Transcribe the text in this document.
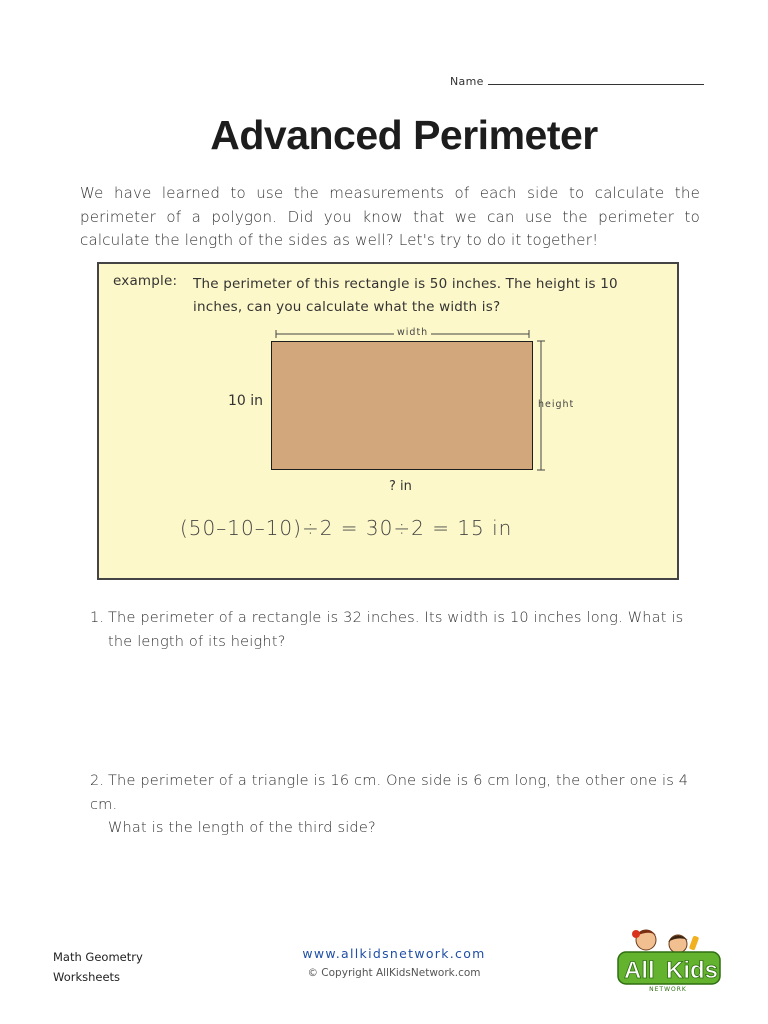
Name
Advanced Perimeter
We have learned to use the measurements of each side to calculate the perimeter of a polygon. Did you know that we can use the perimeter to calculate the length of the sides as well? Let's try to do it together!
example: The perimeter of this rectangle is 50 inches. The height is 10 inches, can you calculate what the width is?
width
height
10 in
? in
(50–10–10)÷2 = 30÷2 = 15 in
1. The perimeter of a rectangle is 32 inches. Its width is 10 inches long. What is
the length of its height?
2. The perimeter of a triangle is 16 cm. One side is 6 cm long, the other one is 4 cm.
What is the length of the third side?
Math Geometry
Worksheets
www.allkidsnetwork.com
© Copyright AllKidsNetwork.com	All Kids
NETWORK
